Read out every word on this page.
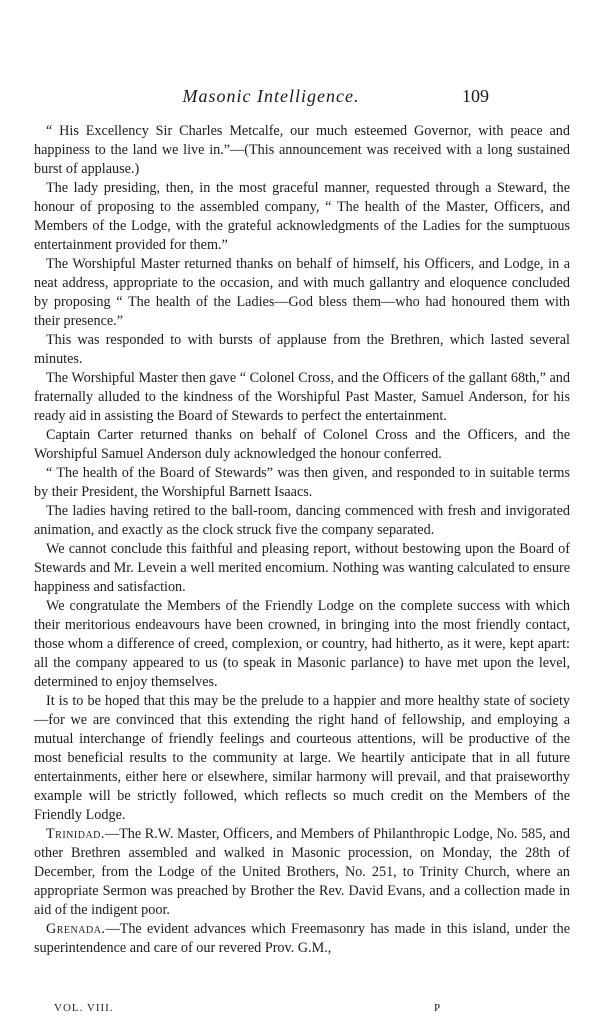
Masonic Intelligence.	109

“ His Excellency Sir Charles Metcalfe, our much esteemed Governor, with peace and happiness to the land we live in.”—(This announcement was received with a long sustained burst of applause.)

The lady presiding, then, in the most graceful manner, requested through a Steward, the honour of proposing to the assembled company, “ The health of the Master, Officers, and Members of the Lodge, with the grateful acknowledgments of the Ladies for the sumptuous entertainment provided for them.”

The Worshipful Master returned thanks on behalf of himself, his Officers, and Lodge, in a neat address, appropriate to the occasion, and with much gallantry and eloquence concluded by proposing “ The health of the Ladies—God bless them—who had honoured them with their presence.”

This was responded to with bursts of applause from the Brethren, which lasted several minutes.

The Worshipful Master then gave “ Colonel Cross, and the Officers of the gallant 68th,” and fraternally alluded to the kindness of the Worshipful Past Master, Samuel Anderson, for his ready aid in assisting the Board of Stewards to perfect the entertainment.

Captain Carter returned thanks on behalf of Colonel Cross and the Officers, and the Worshipful Samuel Anderson duly acknowledged the honour conferred.

“ The health of the Board of Stewards” was then given, and responded to in suitable terms by their President, the Worshipful Barnett Isaacs.

The ladies having retired to the ball-room, dancing commenced with fresh and invigorated animation, and exactly as the clock struck five the company separated.

We cannot conclude this faithful and pleasing report, without bestowing upon the Board of Stewards and Mr. Levein a well merited encomium. Nothing was wanting calculated to ensure happiness and satisfaction.

We congratulate the Members of the Friendly Lodge on the complete success with which their meritorious endeavours have been crowned, in bringing into the most friendly contact, those whom a difference of creed, complexion, or country, had hitherto, as it were, kept apart: all the company appeared to us (to speak in Masonic parlance) to have met upon the level, determined to enjoy themselves.

It is to be hoped that this may be the prelude to a happier and more healthy state of society—for we are convinced that this extending the right hand of fellowship, and employing a mutual interchange of friendly feelings and courteous attentions, will be productive of the most beneficial results to the community at large. We heartily anticipate that in all future entertainments, either here or elsewhere, similar harmony will prevail, and that praiseworthy example will be strictly followed, which reflects so much credit on the Members of the Friendly Lodge.

Trinidad.—The R.W. Master, Officers, and Members of Philanthropic Lodge, No. 585, and other Brethren assembled and walked in Masonic procession, on Monday, the 28th of December, from the Lodge of the United Brothers, No. 251, to Trinity Church, where an appropriate Sermon was preached by Brother the Rev. David Evans, and a collection made in aid of the indigent poor.

Grenada.—The evident advances which Freemasonry has made in this island, under the superintendence and care of our revered Prov. G.M.,

VOL. VIII.	P
